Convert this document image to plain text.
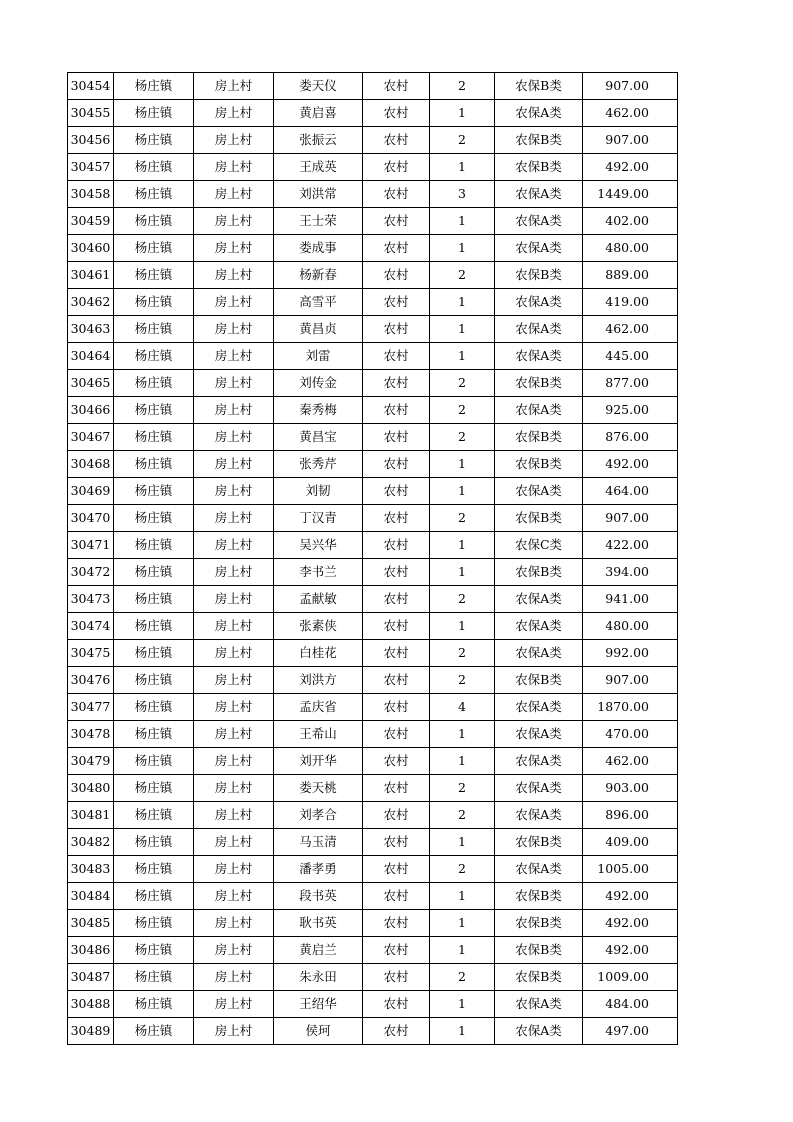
30454	杨庄镇	房上村	娄天仪	农村	2	农保B类	907.00
30455	杨庄镇	房上村	黄启喜	农村	1	农保A类	462.00
30456	杨庄镇	房上村	张振云	农村	2	农保B类	907.00
30457	杨庄镇	房上村	王成英	农村	1	农保B类	492.00
30458	杨庄镇	房上村	刘洪常	农村	3	农保A类	1449.00
30459	杨庄镇	房上村	王士荣	农村	1	农保A类	402.00
30460	杨庄镇	房上村	娄成事	农村	1	农保A类	480.00
30461	杨庄镇	房上村	杨新春	农村	2	农保B类	889.00
30462	杨庄镇	房上村	高雪平	农村	1	农保A类	419.00
30463	杨庄镇	房上村	黄昌贞	农村	1	农保A类	462.00
30464	杨庄镇	房上村	刘雷	农村	1	农保A类	445.00
30465	杨庄镇	房上村	刘传金	农村	2	农保B类	877.00
30466	杨庄镇	房上村	秦秀梅	农村	2	农保A类	925.00
30467	杨庄镇	房上村	黄昌宝	农村	2	农保B类	876.00
30468	杨庄镇	房上村	张秀芹	农村	1	农保B类	492.00
30469	杨庄镇	房上村	刘韧	农村	1	农保A类	464.00
30470	杨庄镇	房上村	丁汉青	农村	2	农保B类	907.00
30471	杨庄镇	房上村	吴兴华	农村	1	农保C类	422.00
30472	杨庄镇	房上村	李书兰	农村	1	农保B类	394.00
30473	杨庄镇	房上村	孟献敏	农村	2	农保A类	941.00
30474	杨庄镇	房上村	张素侠	农村	1	农保A类	480.00
30475	杨庄镇	房上村	白桂花	农村	2	农保A类	992.00
30476	杨庄镇	房上村	刘洪方	农村	2	农保B类	907.00
30477	杨庄镇	房上村	孟庆省	农村	4	农保A类	1870.00
30478	杨庄镇	房上村	王希山	农村	1	农保A类	470.00
30479	杨庄镇	房上村	刘开华	农村	1	农保A类	462.00
30480	杨庄镇	房上村	娄天桃	农村	2	农保A类	903.00
30481	杨庄镇	房上村	刘孝合	农村	2	农保A类	896.00
30482	杨庄镇	房上村	马玉清	农村	1	农保B类	409.00
30483	杨庄镇	房上村	潘孝勇	农村	2	农保A类	1005.00
30484	杨庄镇	房上村	段书英	农村	1	农保B类	492.00
30485	杨庄镇	房上村	耿书英	农村	1	农保B类	492.00
30486	杨庄镇	房上村	黄启兰	农村	1	农保B类	492.00
30487	杨庄镇	房上村	朱永田	农村	2	农保B类	1009.00
30488	杨庄镇	房上村	王绍华	农村	1	农保A类	484.00
30489	杨庄镇	房上村	侯珂	农村	1	农保A类	497.00
